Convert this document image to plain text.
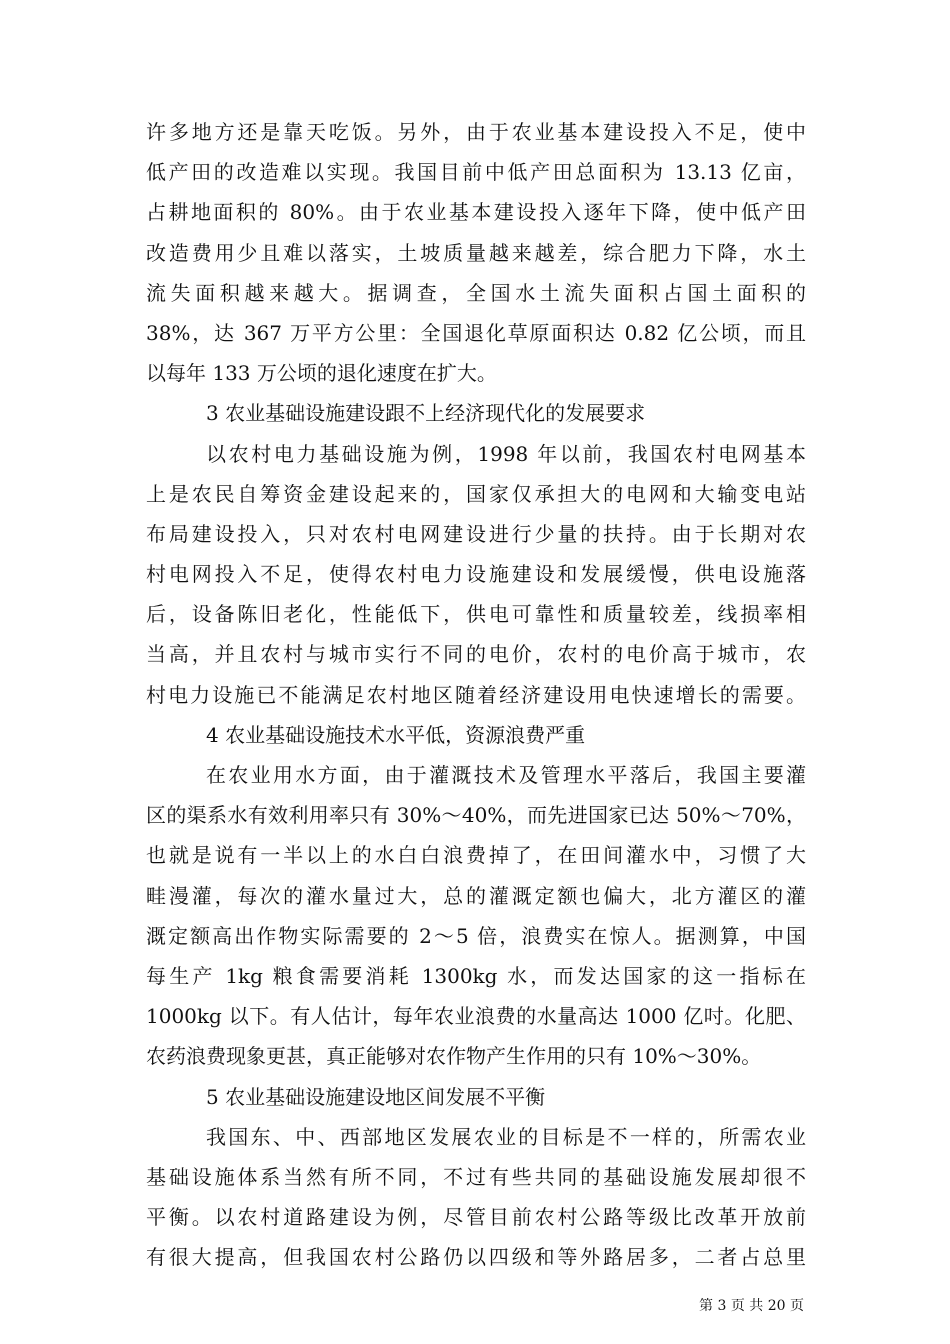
许多地方还是靠天吃饭。另外，由于农业基本建设投入不足，使中
低产田的改造难以实现。我国目前中低产田总面积为 13.13 亿亩，
占耕地面积的 80%。由于农业基本建设投入逐年下降，使中低产田
改造费用少且难以落实，土坡质量越来越差，综合肥力下降，水土
流失面积越来越大。据调查，全国水土流失面积占国土面积的
38%，达 367 万平方公里：全国退化草原面积达 0.82 亿公顷，而且
以每年 133 万公顷的退化速度在扩大。
3 农业基础设施建设跟不上经济现代化的发展要求
以农村电力基础设施为例，1998 年以前，我国农村电网基本
上是农民自筹资金建设起来的，国家仅承担大的电网和大输变电站
布局建设投入，只对农村电网建设进行少量的扶持。由于长期对农
村电网投入不足，使得农村电力设施建设和发展缓慢，供电设施落
后，设备陈旧老化，性能低下，供电可靠性和质量较差，线损率相
当高，并且农村与城市实行不同的电价，农村的电价高于城市，农
村电力设施已不能满足农村地区随着经济建设用电快速增长的需要。
4 农业基础设施技术水平低，资源浪费严重
在农业用水方面，由于灌溉技术及管理水平落后，我国主要灌
区的渠系水有效利用率只有 30%～40%，而先进国家已达 50%～70%，
也就是说有一半以上的水白白浪费掉了，在田间灌水中，习惯了大
畦漫灌，每次的灌水量过大，总的灌溉定额也偏大，北方灌区的灌
溉定额高出作物实际需要的 2～5 倍，浪费实在惊人。据测算，中国
每生产 1kg 粮食需要消耗 1300kg 水，而发达国家的这一指标在
1000kg 以下。有人估计，每年农业浪费的水量高达 1000 亿吋。化肥、
农药浪费现象更甚，真正能够对农作物产生作用的只有 10%～30%。
5 农业基础设施建设地区间发展不平衡
我国东、中、西部地区发展农业的目标是不一样的，所需农业
基础设施体系当然有所不同，不过有些共同的基础设施发展却很不
平衡。以农村道路建设为例，尽管目前农村公路等级比改革开放前
有很大提高，但我国农村公路仍以四级和等外路居多，二者占总里
第 3 页 共 20 页
